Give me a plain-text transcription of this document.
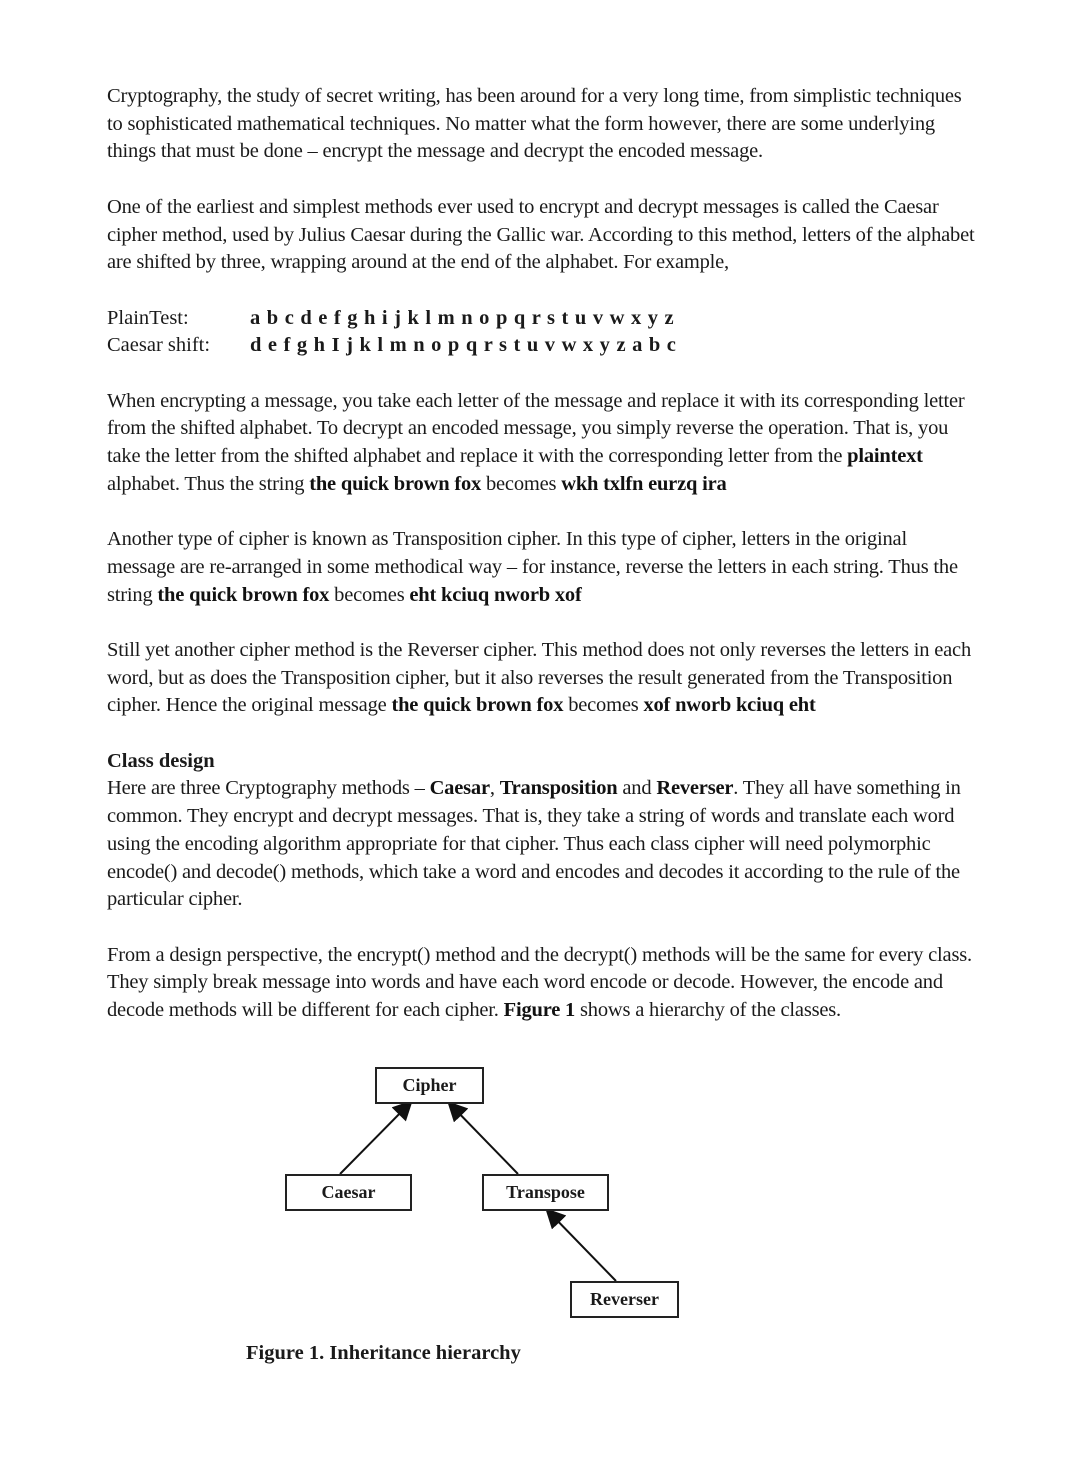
Cryptography, the study of secret writing, has been around for a very long time, from simplistic techniques to sophisticated mathematical techniques. No matter what the form however, there are some underlying things that must be done – encrypt the message and decrypt the encoded message.

One of the earliest and simplest methods ever used to encrypt and decrypt messages is called the Caesar cipher method, used by Julius Caesar during the Gallic war. According to this method, letters of the alphabet are shifted by three, wrapping around at the end of the alphabet. For example,

PlainTest:	a b c d e f g h i j k l m n o p q r s t u v w x y z
Caesar shift:	d e f g h I j k l m n o p q r s t u v w x y z a b c

When encrypting a message, you take each letter of the message and replace it with its corresponding letter from the shifted alphabet. To decrypt an encoded message, you simply reverse the operation. That is, you take the letter from the shifted alphabet and replace it with the corresponding letter from the plaintext alphabet. Thus the string the quick brown fox becomes wkh txlfn eurzq ira

Another type of cipher is known as Transposition cipher. In this type of cipher, letters in the original message are re-arranged in some methodical way – for instance, reverse the letters in each string. Thus the string the quick brown fox becomes eht kciuq nworb xof

Still yet another cipher method is the Reverser cipher. This method does not only reverses the letters in each word, but as does the Transposition cipher, but it also reverses the result generated from the Transposition cipher. Hence the original message the quick brown fox becomes xof nworb kciuq eht

Class design

Here are three Cryptography methods – Caesar, Transposition and Reverser. They all have something in common. They encrypt and decrypt messages. That is, they take a string of words and translate each word using the encoding algorithm appropriate for that cipher. Thus each class cipher will need polymorphic encode() and decode() methods, which take a word and encodes and decodes it according to the rule of the particular cipher.

From a design perspective, the encrypt() method and the decrypt() methods will be the same for every class. They simply break message into words and have each word encode or decode. However, the encode and decode methods will be different for each cipher. Figure 1 shows a hierarchy of the classes.

Cipher
Caesar	Transpose
Reverser
Figure 1. Inheritance hierarchy
